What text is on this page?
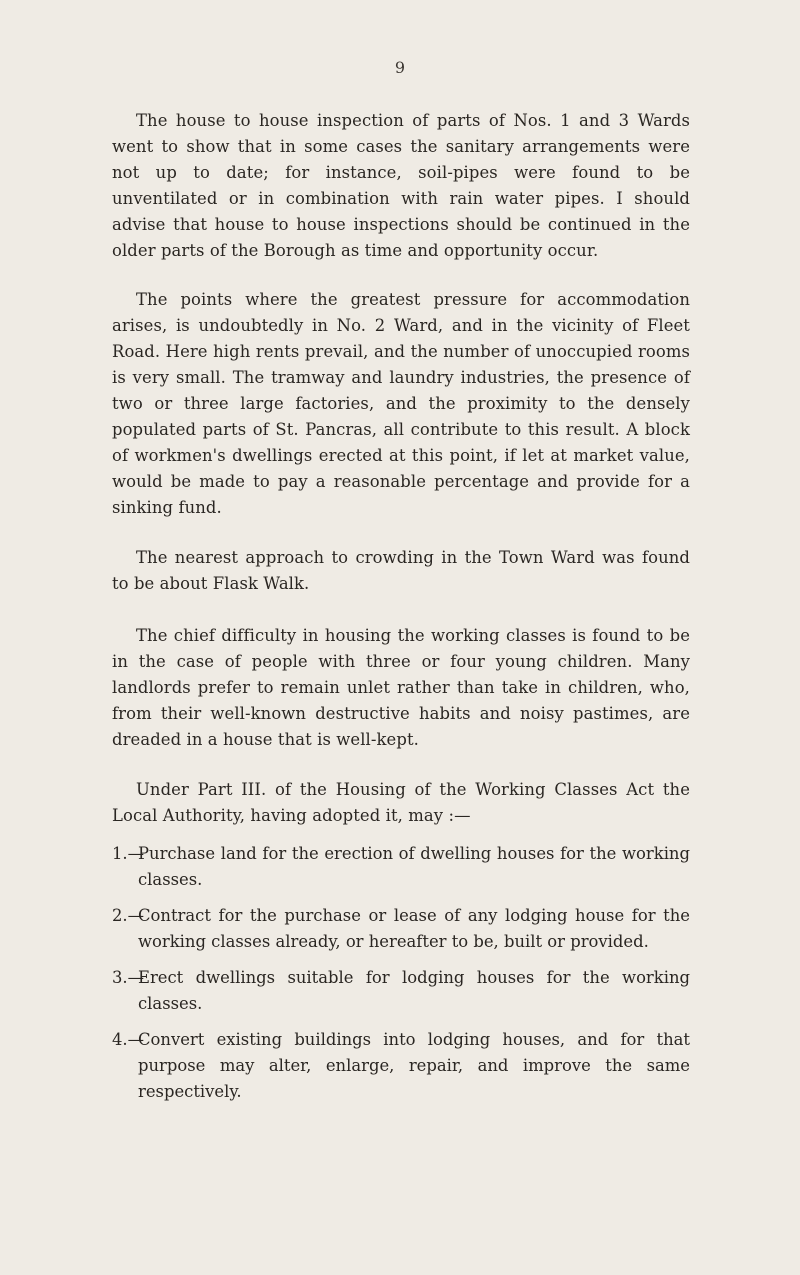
9

The house to house inspection of parts of Nos. 1 and 3 Wards went to show that in some cases the sanitary arrangements were not up to date; for instance, soil-pipes were found to be unventilated or in combination with rain water pipes. I should advise that house to house inspections should be continued in the older parts of the Borough as time and opportunity occur.

The points where the greatest pressure for accommodation arises, is undoubtedly in No. 2 Ward, and in the vicinity of Fleet Road. Here high rents prevail, and the number of unoccupied rooms is very small. The tramway and laundry industries, the presence of two or three large factories, and the proximity to the densely populated parts of St. Pancras, all contribute to this result. A block of workmen's dwellings erected at this point, if let at market value, would be made to pay a reasonable percentage and provide for a sinking fund.

The nearest approach to crowding in the Town Ward was found to be about Flask Walk.

The chief difficulty in housing the working classes is found to be in the case of people with three or four young children. Many landlords prefer to remain unlet rather than take in children, who, from their well-known destructive habits and noisy pastimes, are dreaded in a house that is well-kept.

Under Part III. of the Housing of the Working Classes Act the Local Authority, having adopted it, may :—

1.—
Purchase land for the erection of dwelling houses for the working classes.
2.—
Contract for the purchase or lease of any lodging house for the working classes already, or hereafter to be, built or provided.
3.—
Erect dwellings suitable for lodging houses for the working classes.
4.—
Convert existing buildings into lodging houses, and for that purpose may alter, enlarge, repair, and improve the same respectively.
